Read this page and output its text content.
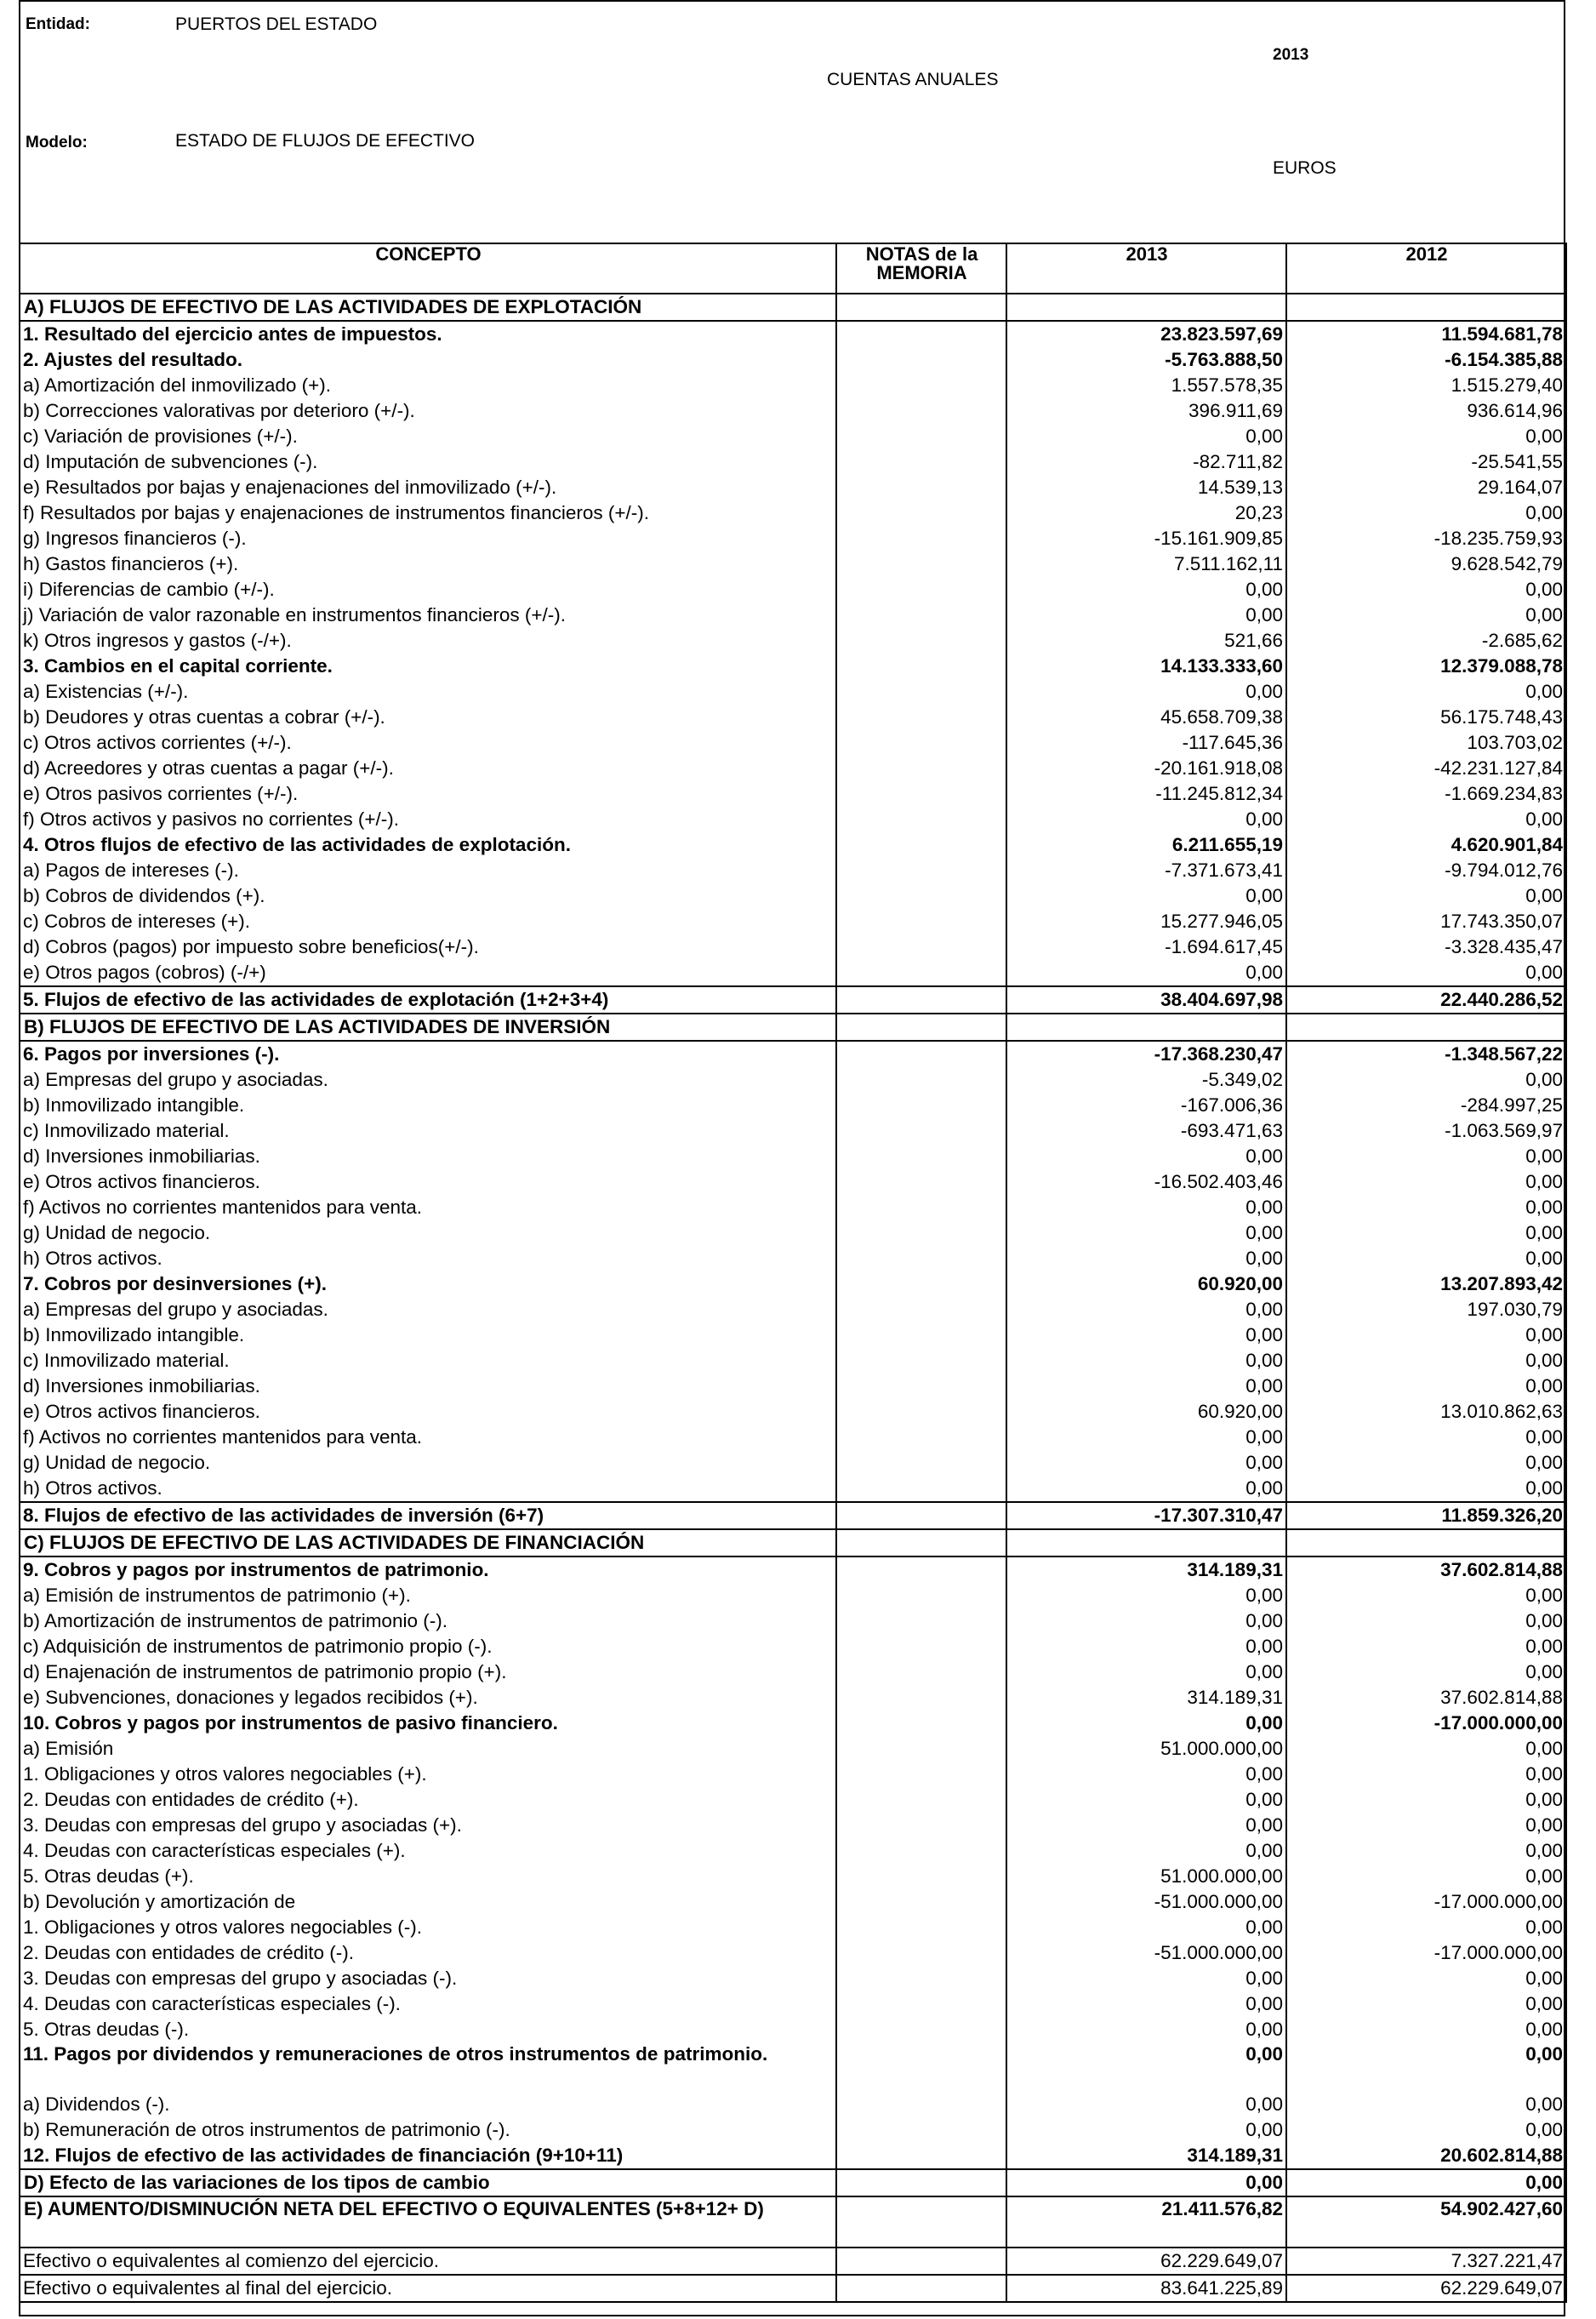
Entidad:	PUERTOS DEL ESTADO
2013
CUENTAS ANUALES
Modelo:	ESTADO DE FLUJOS DE EFECTIVO
EUROS
CONCEPTO	NOTAS de la MEMORIA	2013	2012
A) FLUJOS DE EFECTIVO DE LAS ACTIVIDADES DE EXPLOTACIÓN			
1. Resultado del ejercicio antes de impuestos.		23.823.597,69	11.594.681,78
2. Ajustes del resultado.		-5.763.888,50	-6.154.385,88
a) Amortización del inmovilizado (+).		1.557.578,35	1.515.279,40
b) Correcciones valorativas por deterioro (+/-).		396.911,69	936.614,96
c) Variación de provisiones (+/-).		0,00	0,00
d) Imputación de subvenciones (-).		-82.711,82	-25.541,55
e) Resultados por bajas y enajenaciones del inmovilizado (+/-).		14.539,13	29.164,07
f) Resultados por bajas y enajenaciones de instrumentos financieros (+/-).		20,23	0,00
g) Ingresos financieros (-).		-15.161.909,85	-18.235.759,93
h) Gastos financieros (+).		7.511.162,11	9.628.542,79
i) Diferencias de cambio (+/-).		0,00	0,00
j) Variación de valor razonable en instrumentos financieros (+/-).		0,00	0,00
k) Otros ingresos y gastos (-/+).		521,66	-2.685,62
3. Cambios en el capital corriente.		14.133.333,60	12.379.088,78
a) Existencias (+/-).		0,00	0,00
b) Deudores y otras cuentas a cobrar (+/-).		45.658.709,38	56.175.748,43
c) Otros activos corrientes (+/-).		-117.645,36	103.703,02
d) Acreedores y otras cuentas a pagar (+/-).		-20.161.918,08	-42.231.127,84
e) Otros pasivos corrientes (+/-).		-11.245.812,34	-1.669.234,83
f) Otros activos y pasivos no corrientes (+/-).		0,00	0,00
4. Otros flujos de efectivo de las actividades de explotación.		6.211.655,19	4.620.901,84
a) Pagos de intereses (-).		-7.371.673,41	-9.794.012,76
b) Cobros de dividendos (+).		0,00	0,00
c) Cobros de intereses (+).		15.277.946,05	17.743.350,07
d) Cobros (pagos) por impuesto sobre beneficios(+/-).		-1.694.617,45	-3.328.435,47
e) Otros pagos (cobros) (-/+)		0,00	0,00
5. Flujos de efectivo de las actividades de explotación (1+2+3+4)		38.404.697,98	22.440.286,52
B) FLUJOS DE EFECTIVO DE LAS ACTIVIDADES DE INVERSIÓN			
6. Pagos por inversiones (-).		-17.368.230,47	-1.348.567,22
a) Empresas del grupo y asociadas.		-5.349,02	0,00
b) Inmovilizado intangible.		-167.006,36	-284.997,25
c) Inmovilizado material.		-693.471,63	-1.063.569,97
d) Inversiones inmobiliarias.		0,00	0,00
e) Otros activos financieros.		-16.502.403,46	0,00
f) Activos no corrientes mantenidos para venta.		0,00	0,00
g) Unidad de negocio.		0,00	0,00
h) Otros activos.		0,00	0,00
7. Cobros por desinversiones (+).		60.920,00	13.207.893,42
a) Empresas del grupo y asociadas.		0,00	197.030,79
b) Inmovilizado intangible.		0,00	0,00
c) Inmovilizado material.		0,00	0,00
d) Inversiones inmobiliarias.		0,00	0,00
e) Otros activos financieros.		60.920,00	13.010.862,63
f) Activos no corrientes mantenidos para venta.		0,00	0,00
g) Unidad de negocio.		0,00	0,00
h) Otros activos.		0,00	0,00
8. Flujos de efectivo de las actividades de inversión (6+7)		-17.307.310,47	11.859.326,20
C) FLUJOS DE EFECTIVO DE LAS ACTIVIDADES DE FINANCIACIÓN			
9. Cobros y pagos por instrumentos de patrimonio.		314.189,31	37.602.814,88
a) Emisión de instrumentos de patrimonio (+).		0,00	0,00
b) Amortización de instrumentos de patrimonio (-).		0,00	0,00
c) Adquisición de instrumentos de patrimonio propio (-).		0,00	0,00
d) Enajenación de instrumentos de patrimonio propio (+).		0,00	0,00
e) Subvenciones, donaciones y legados recibidos (+).		314.189,31	37.602.814,88
10. Cobros y pagos por instrumentos de pasivo financiero.		0,00	-17.000.000,00
a) Emisión		51.000.000,00	0,00
1. Obligaciones y otros valores negociables (+).		0,00	0,00
2. Deudas con entidades de crédito (+).		0,00	0,00
3. Deudas con empresas del grupo y asociadas (+).		0,00	0,00
4. Deudas con características especiales (+).		0,00	0,00
5. Otras deudas (+).		51.000.000,00	0,00
b) Devolución y amortización de		-51.000.000,00	-17.000.000,00
1. Obligaciones y otros valores negociables (-).		0,00	0,00
2. Deudas con entidades de crédito (-).		-51.000.000,00	-17.000.000,00
3. Deudas con empresas del grupo y asociadas (-).		0,00	0,00
4. Deudas con características especiales (-).		0,00	0,00
5. Otras deudas (-).		0,00	0,00
11. Pagos por dividendos y remuneraciones de otros instrumentos de patrimonio.		0,00	0,00
a) Dividendos (-).		0,00	0,00
b) Remuneración de otros instrumentos de patrimonio (-).		0,00	0,00
12. Flujos de efectivo de las actividades de financiación (9+10+11)		314.189,31	20.602.814,88
D) Efecto de las variaciones de los tipos de cambio		0,00	0,00
E) AUMENTO/DISMINUCIÓN NETA DEL EFECTIVO O EQUIVALENTES (5+8+12+ D)		21.411.576,82	54.902.427,60
Efectivo o equivalentes al comienzo del ejercicio.		62.229.649,07	7.327.221,47
Efectivo o equivalentes al final del ejercicio.		83.641.225,89	62.229.649,07
